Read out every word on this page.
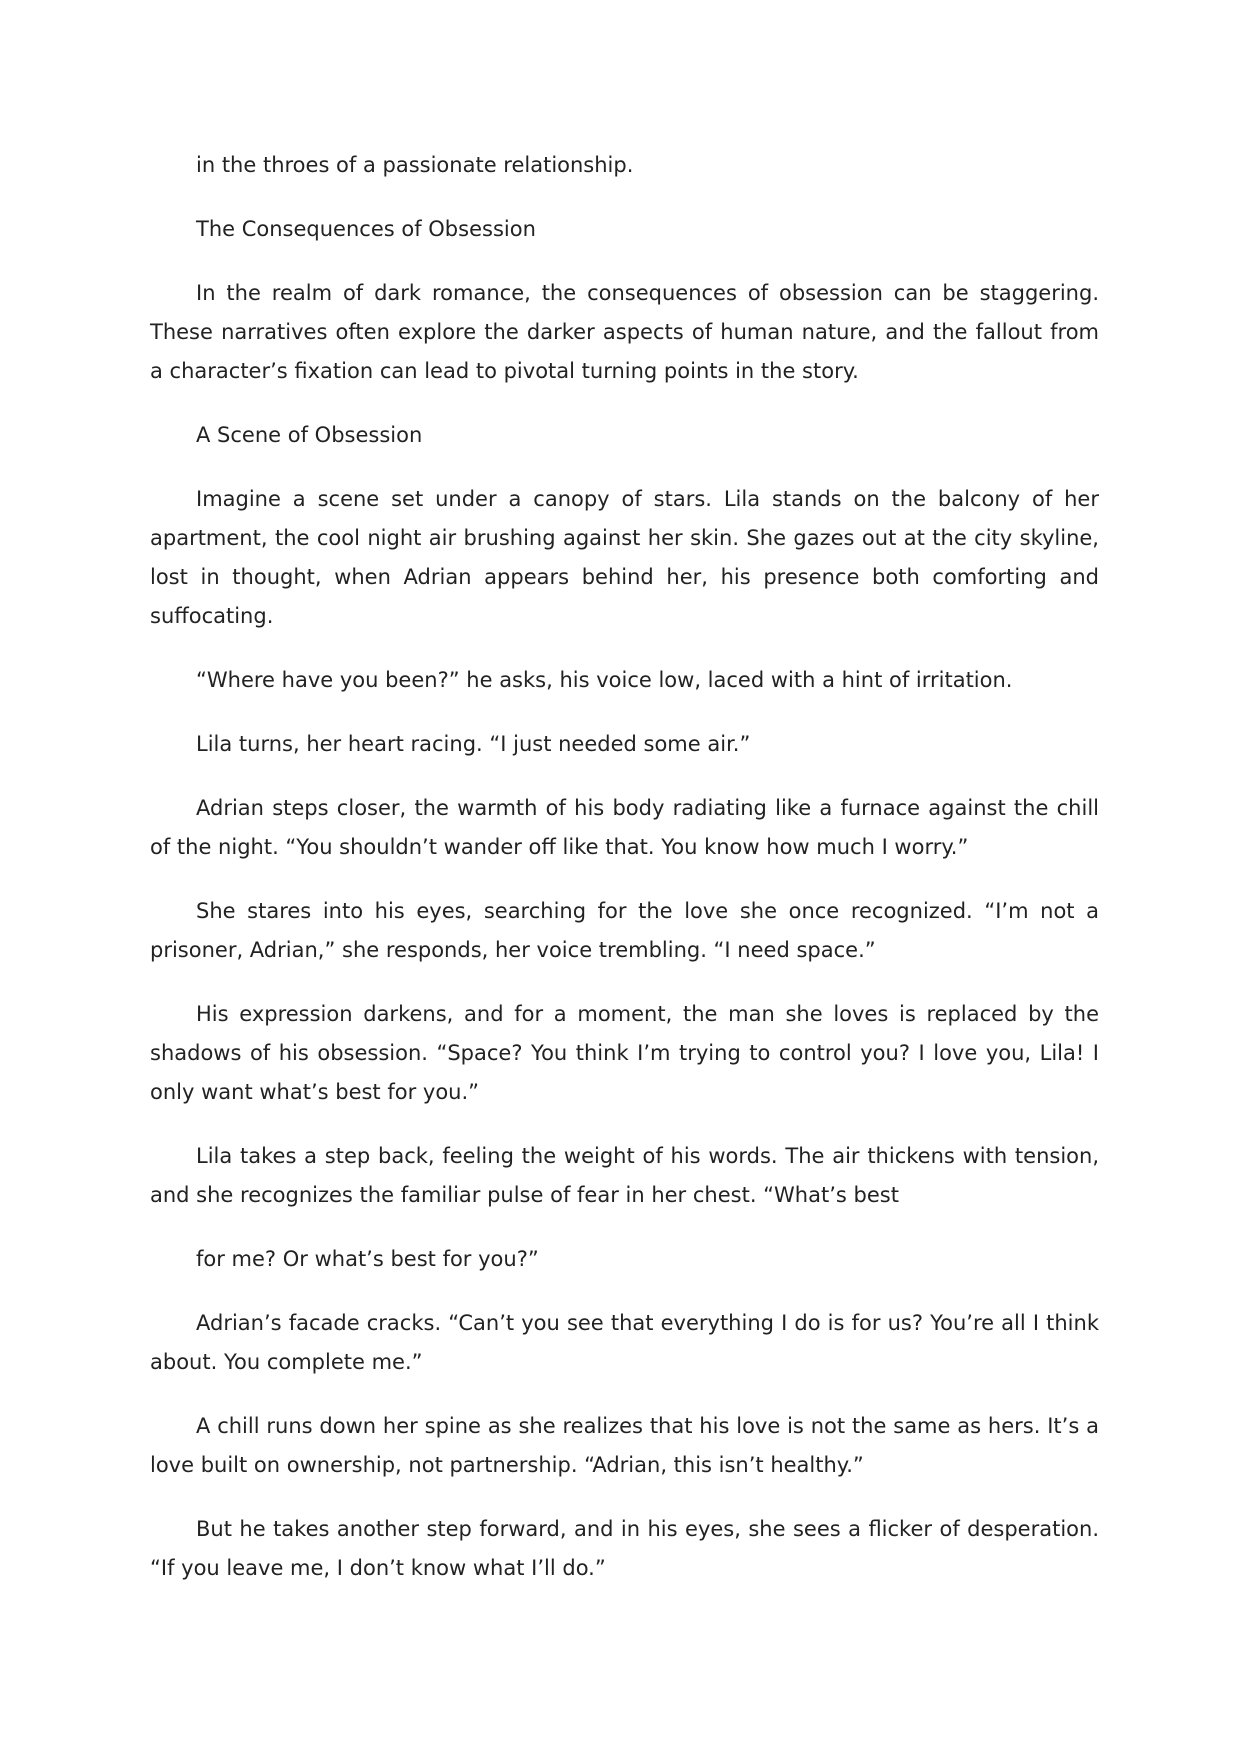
in the throes of a passionate relationship.

The Consequences of Obsession

In the realm of dark romance, the consequences of obsession can be staggering. These narratives often explore the darker aspects of human nature, and the fallout from a character’s fixation can lead to pivotal turning points in the story.

A Scene of Obsession

Imagine a scene set under a canopy of stars. Lila stands on the balcony of her apartment, the cool night air brushing against her skin. She gazes out at the city skyline, lost in thought, when Adrian appears behind her, his presence both comforting and suffocating.

“Where have you been?” he asks, his voice low, laced with a hint of irritation.

Lila turns, her heart racing. “I just needed some air.”

Adrian steps closer, the warmth of his body radiating like a furnace against the chill of the night. “You shouldn’t wander off like that. You know how much I worry.”

She stares into his eyes, searching for the love she once recognized. “I’m not a prisoner, Adrian,” she responds, her voice trembling. “I need space.”

His expression darkens, and for a moment, the man she loves is replaced by the shadows of his obsession. “Space? You think I’m trying to control you? I love you, Lila! I only want what’s best for you.”

Lila takes a step back, feeling the weight of his words. The air thickens with tension, and she recognizes the familiar pulse of fear in her chest. “What’s best

for me? Or what’s best for you?”

Adrian’s facade cracks. “Can’t you see that everything I do is for us? You’re all I think about. You complete me.”

A chill runs down her spine as she realizes that his love is not the same as hers. It’s a love built on ownership, not partnership. “Adrian, this isn’t healthy.”

But he takes another step forward, and in his eyes, she sees a flicker of desperation. “If you leave me, I don’t know what I’ll do.”
